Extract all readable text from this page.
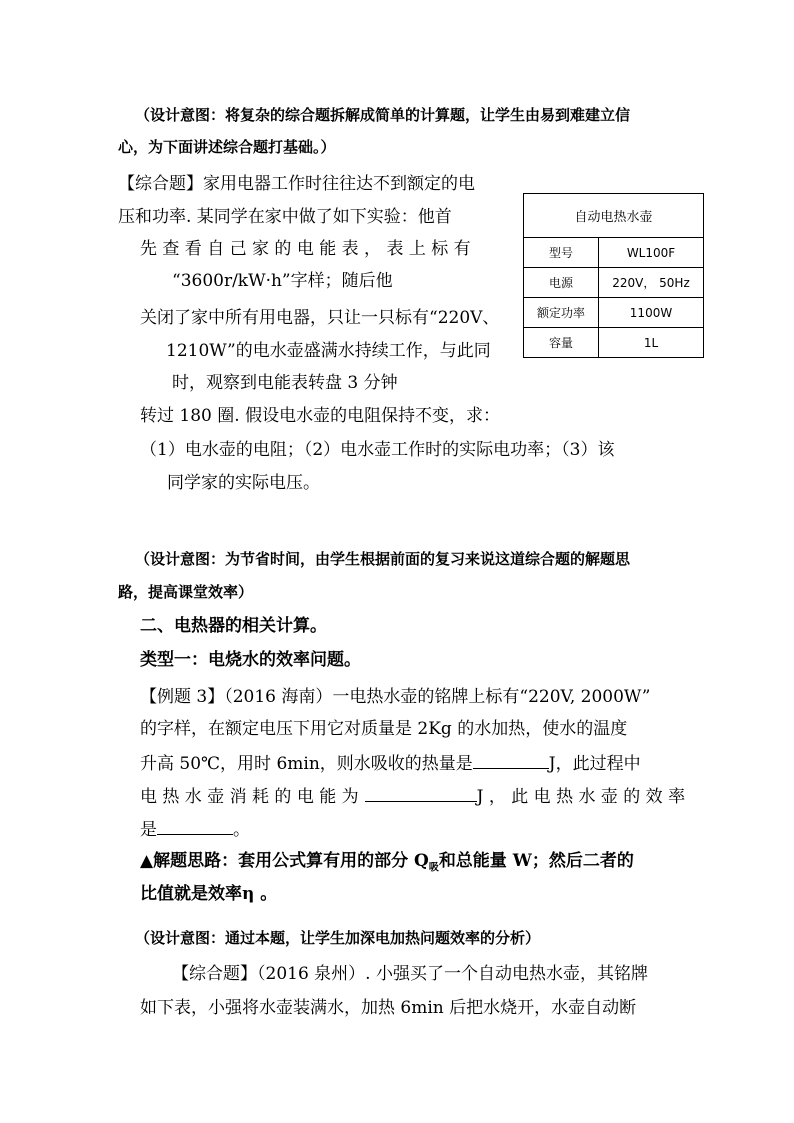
（设计意图：将复杂的综合题拆解成简单的计算题，让学生由易到难建立信
心，为下面讲述综合题打基础。）
【综合题】家用电器工作时往往达不到额定的电
压和功率. 某同学在家中做了如下实验：他首
先 查 看 自 己 家 的 电 能 表 ， 表 上 标 有
“3600r/kW·h”字样；随后他
关闭了家中所有用电器，只让一只标有“220V、
1210W”的电水壶盛满水持续工作，与此同
时，观察到电能表转盘 3 分钟
转过 180 圈. 假设电水壶的电阻保持不变，求：
（1）电水壶的电阻；（2）电水壶工作时的实际电功率；（3）该
同学家的实际电压。
自动电热水壶	
型号	WL100F
电源	220V， 50Hz
额定功率	1100W
容量	1L
（设计意图：为节省时间，由学生根据前面的复习来说这道综合题的解题思
路，提高课堂效率）
二、电热器的相关计算。
类型一：电烧水的效率问题。
【例题 3】（2016 海南）一电热水壶的铭牌上标有“220V, 2000W”
的字样，在额定电压下用它对质量是 2Kg 的水加热，使水的温度
升高 50℃，用时 6min，则水吸收的热量是	J，此过程中
电 热 水 壶 消 耗 的 电 能 为	J ， 此 电 热 水 壶 的 效 率
是	。
▲解题思路：套用公式算有用的部分 $Q_吸$和总能量 W；然后二者的
比值就是效率η 。
（设计意图：通过本题，让学生加深电加热问题效率的分析）
【综合题】（2016 泉州）. 小强买了一个自动电热水壶，其铭牌
如下表，小强将水壶装满水，加热 6min 后把水烧开，水壶自动断
